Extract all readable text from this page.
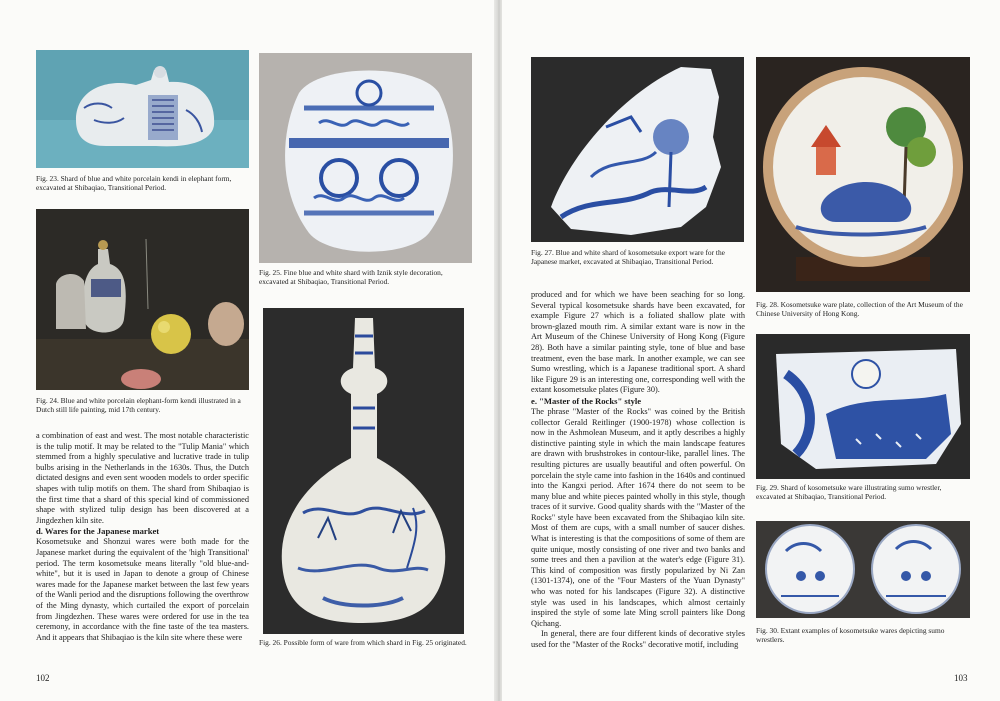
Fig. 23. Shard of blue and white porcelain kendi in elephant form, excavated at Shibaqiao, Transitional Period.
Fig. 24. Blue and white porcelain elephant-form kendi illustrated in a Dutch still life painting, mid 17th century.
Fig. 25. Fine blue and white shard with Iznik style decoration, excavated at Shibaqiao, Transitional Period.
Fig. 26. Possible form of ware from which shard in Fig. 25 originated.

a combination of east and west. The most notable characteristic is the tulip motif. It may be related to the "Tulip Mania" which stemmed from a highly speculative and lucrative trade in tulip bulbs arising in the Netherlands in the 1630s. Thus, the Dutch dictated designs and even sent wooden models to order specific shapes with tulip motifs on them. The shard from Shibaqiao is the first time that a shard of this special kind of commissioned shape with stylized tulip design has been discovered at a Jingdezhen kiln site.

d. Wares for the Japanese market

Kosometsuke and Shonzui wares were both made for the Japanese market during the equivalent of the 'high Transitional' period. The term kosometsuke means literally "old blue-and-white", but it is used in Japan to denote a group of Chinese wares made for the Japanese market between the last few years of the Wanli period and the disruptions following the overthrow of the Ming dynasty, which curtailed the export of porcelain from Jingdezhen. These wares were ordered for use in the tea ceremony, in accordance with the fine taste of the tea masters. And it appears that Shibaqiao is the kiln site where these were

102
Fig. 27. Blue and white shard of kosometsuke export ware for the Japanese market, excavated at Shibaqiao, Transitional Period.
Fig. 28. Kosometsuke ware plate, collection of the Art Museum of the Chinese University of Hong Kong.
Fig. 29. Shard of kosometsuke ware illustrating sumo wrestler, excavated at Shibaqiao, Transitional Period.
Fig. 30. Extant examples of kosometsuke wares depicting sumo wrestlers.

produced and for which we have been seaching for so long. Several typical kosometsuke shards have been excavated, for example Figure 27 which is a foliated shallow plate with brown-glazed mouth rim. A similar extant ware is now in the Art Museum of the Chinese University of Hong Kong (Figure 28). Both have a similar painting style, tone of blue and base treatment, even the base mark. In another example, we can see Sumo wrestling, which is a Japanese traditional sport. A shard like Figure 29 is an interesting one, corresponding well with the extant kosometsuke plates (Figure 30).

e. "Master of the Rocks" style

The phrase "Master of the Rocks" was coined by the British collector Gerald Reitlinger (1900-1978) whose collection is now in the Ashmolean Museum, and it aptly describes a highly distinctive painting style in which the main landscape features are drawn with brushstrokes in contour-like, parallel lines. The resulting pictures are usually beautiful and often powerful. On porcelain the style came into fashion in the 1640s and continued into the Kangxi period. After 1674 there do not seem to be many blue and white pieces painted wholly in this style, though traces of it survive. Good quality shards with the "Master of the Rocks" style have been excavated from the Shibaqiao kiln site. Most of them are cups, with a small number of saucer dishes. What is interesting is that the compositions of some of them are quite unique, mostly consisting of one river and two banks and some trees and then a pavilion at the water's edge (Figure 31). This kind of composition was firstly popularized by Ni Zan (1301-1374), one of the "Four Masters of the Yuan Dynasty" who was noted for his landscapes (Figure 32). A distinctive style was used in his landscapes, which almost certainly inspired the style of some late Ming scroll painters like Dong Qichang.

In general, there are four different kinds of decorative styles used for the "Master of the Rocks" decorative motif, including

103
